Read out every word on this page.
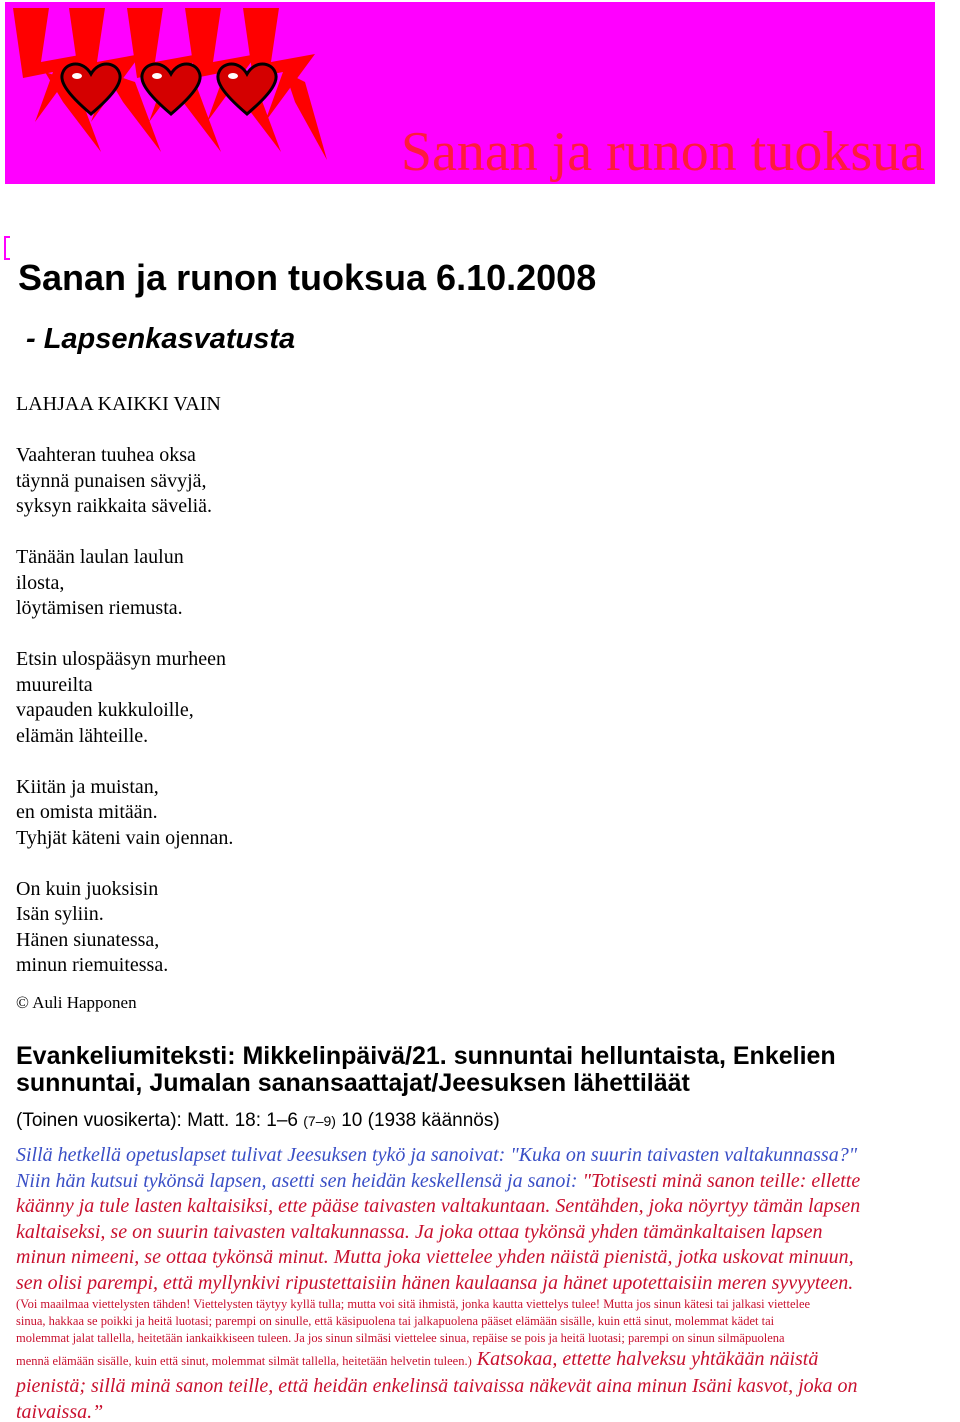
Sanan ja runon tuoksua
Sanan ja runon tuoksua 6.10.2008
- Lapsenkasvatusta
LAHJAA KAIKKI VAIN
Vaahteran tuuhea oksa
täynnä punaisen sävyjä,
syksyn raikkaita säveliä.
Tänään laulan laulun
ilosta,
löytämisen riemusta.
Etsin ulospääsyn murheen
muureilta
vapauden kukkuloille,
elämän lähteille.
Kiitän ja muistan,
en omista mitään.
Tyhjät käteni vain ojennan.
On kuin juoksisin
Isän syliin.
Hänen siunatessa,
minun riemuitessa.
© Auli Happonen
Evankeliumiteksti: Mikkelinpäivä/21. sunnuntai helluntaista, Enkelien
sunnuntai, Jumalan sanansaattajat/Jeesuksen lähettiläät
(Toinen vuosikerta): Matt. 18: 1–6 (7–9) 10 (1938 käännös)
Sillä hetkellä opetuslapset tulivat Jeesuksen tykö ja sanoivat: "Kuka on suurin taivasten valtakunnassa?"
Niin hän kutsui tykönsä lapsen, asetti sen heidän keskellensä ja sanoi: "Totisesti minä sanon teille: ellette
käänny ja tule lasten kaltaisiksi, ette pääse taivasten valtakuntaan. Sentähden, joka nöyrtyy tämän lapsen
kaltaiseksi, se on suurin taivasten valtakunnassa. Ja joka ottaa tykönsä yhden tämänkaltaisen lapsen
minun nimeeni, se ottaa tykönsä minut. Mutta joka viettelee yhden näistä pienistä, jotka uskovat minuun,
sen olisi parempi, että myllynkivi ripustettaisiin hänen kaulaansa ja hänet upotettaisiin meren syvyyteen.
(Voi maailmaa viettelysten tähden! Viettelysten täytyy kyllä tulla; mutta voi sitä ihmistä, jonka kautta viettelys tulee! Mutta jos sinun kätesi tai jalkasi viettelee
sinua, hakkaa se poikki ja heitä luotasi; parempi on sinulle, että käsipuolena tai jalkapuolena pääset elämään sisälle, kuin että sinut, molemmat kädet tai
molemmat jalat tallella, heitetään iankaikkiseen tuleen. Ja jos sinun silmäsi viettelee sinua, repäise se pois ja heitä luotasi; parempi on sinun silmäpuolena
mennä elämään sisälle, kuin että sinut, molemmat silmät tallella, heitetään helvetin tuleen.) Katsokaa, ettette halveksu yhtäkään näistä
pienistä; sillä minä sanon teille, että heidän enkelinsä taivaissa näkevät aina minun Isäni kasvot, joka on
taivaissa.”
